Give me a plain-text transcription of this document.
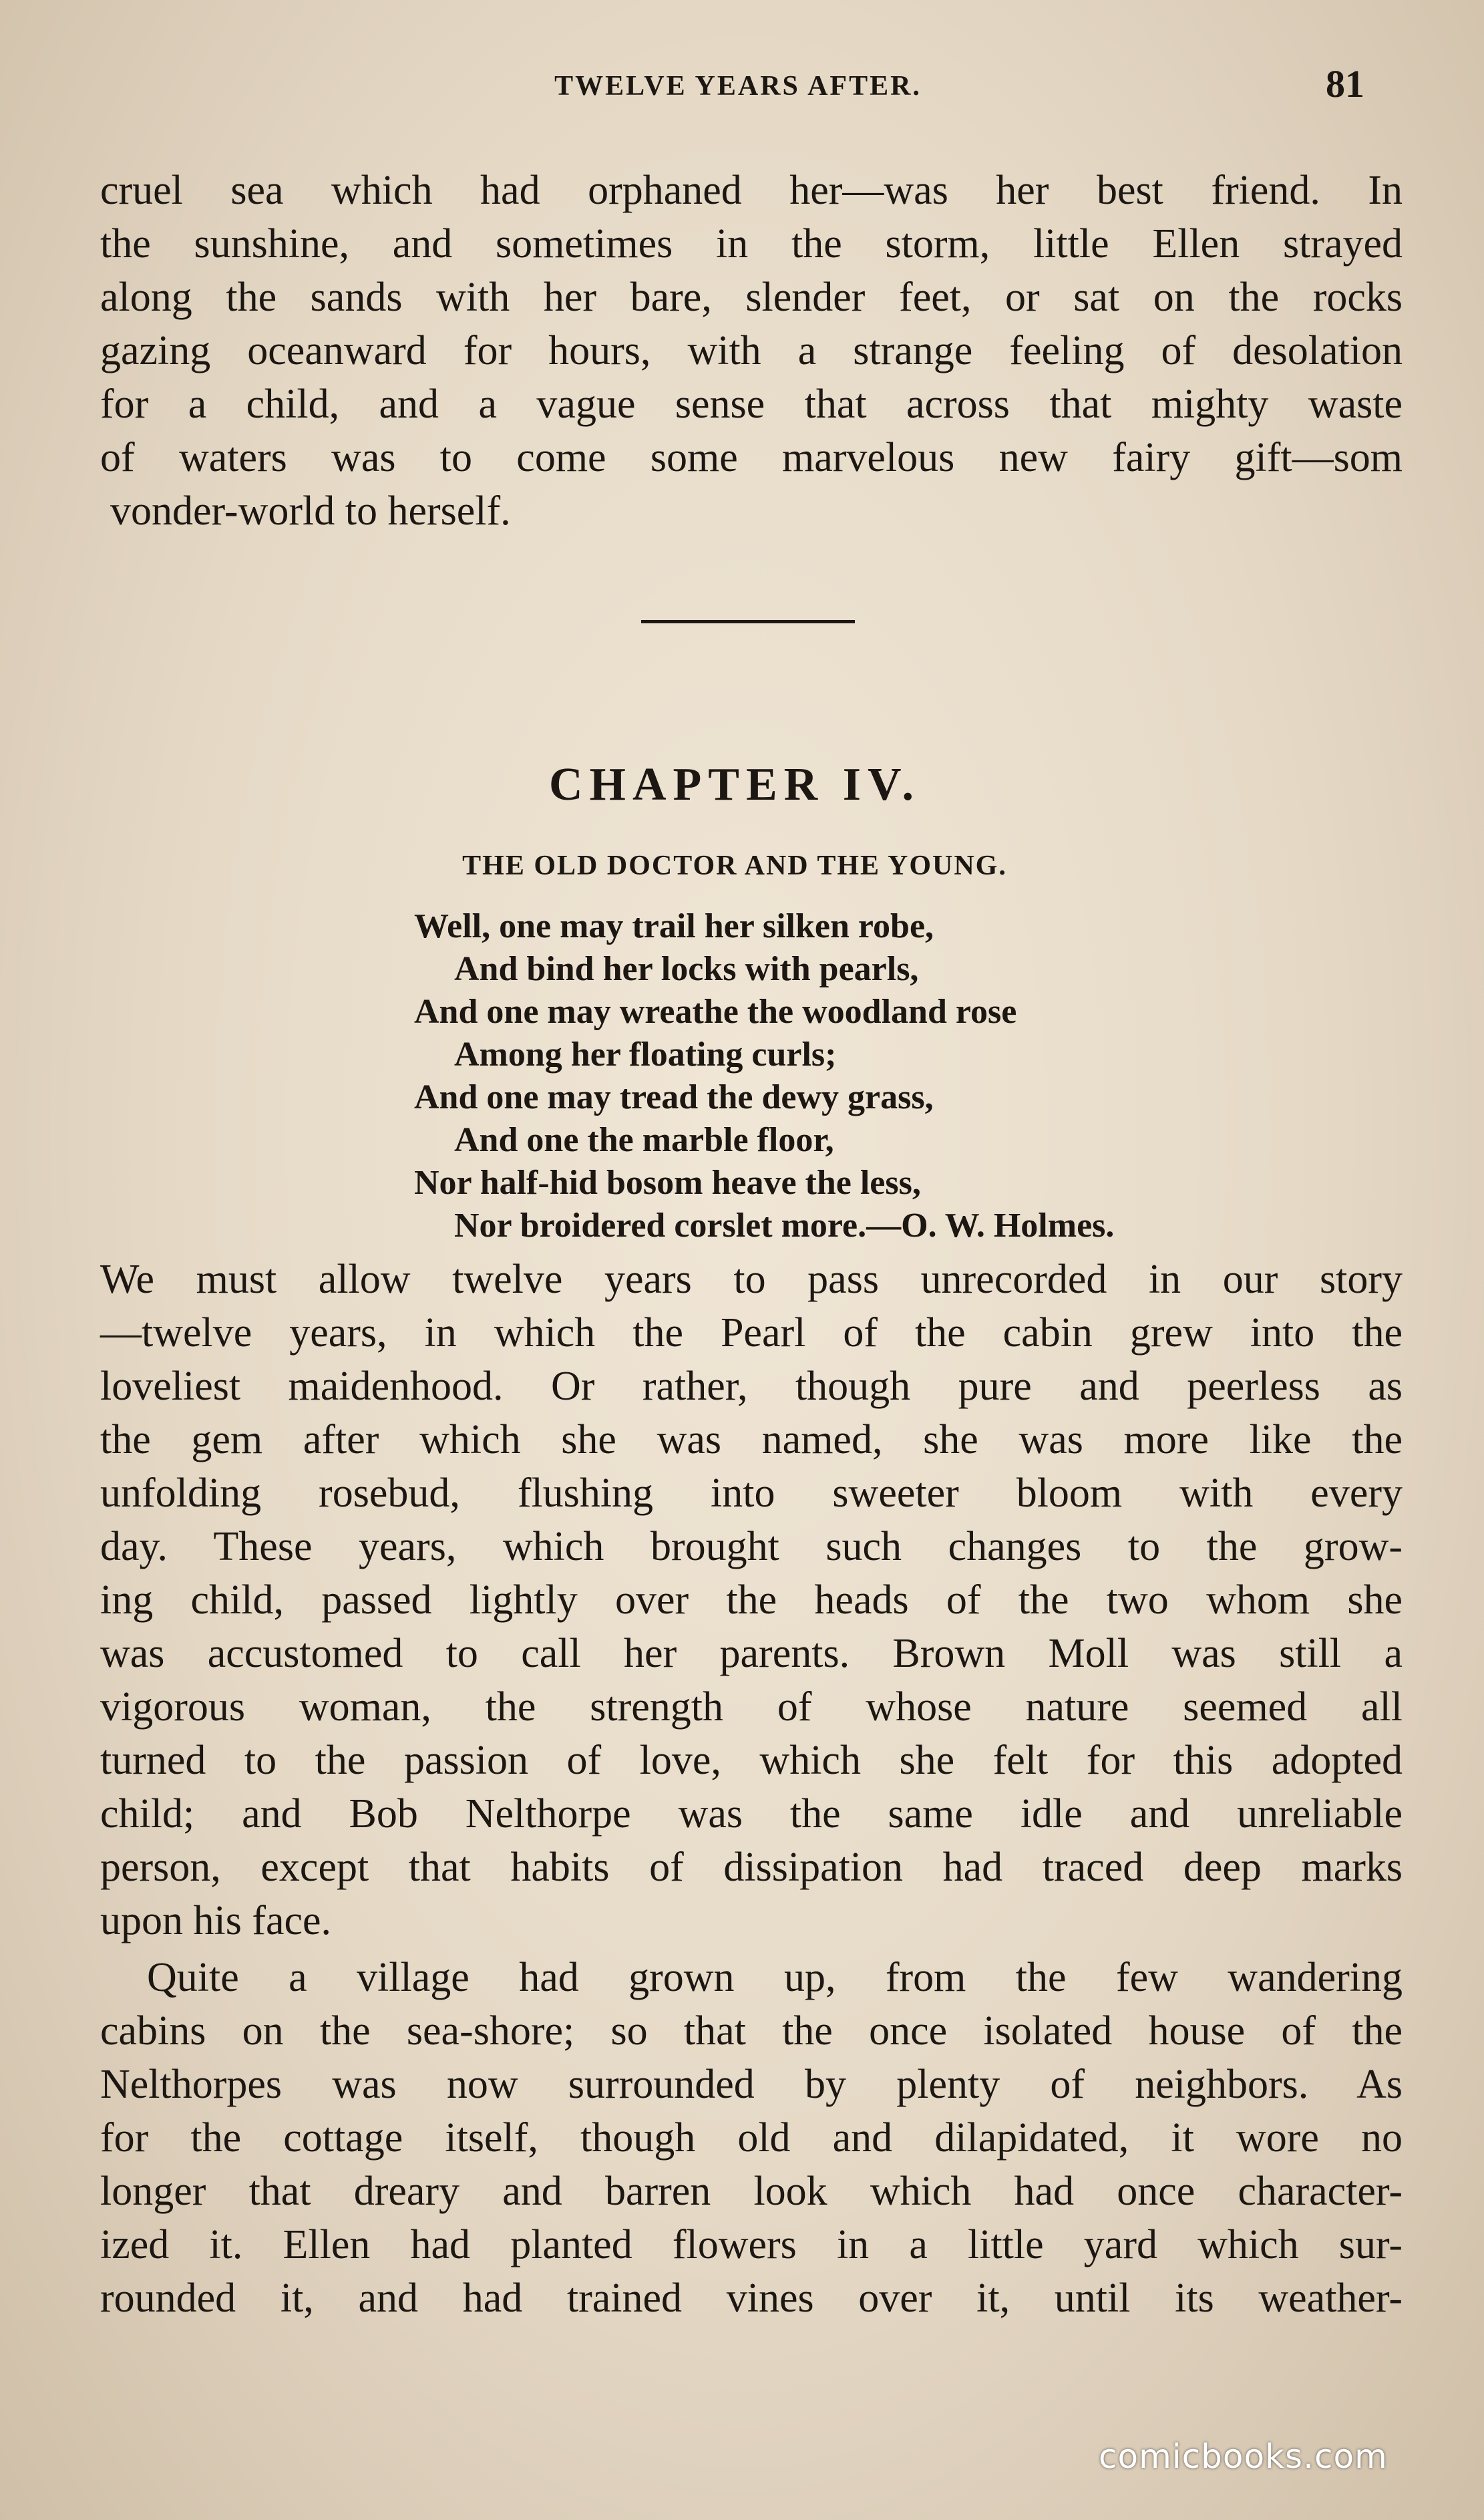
TWELVE YEARS AFTER.	81
cruel sea which had orphaned her—was her best friend. In
the sunshine, and sometimes in the storm, little Ellen strayed
along the sands with her bare, slender feet, or sat on the rocks
gazing oceanward for hours, with a strange feeling of desolation
for a child, and a vague sense that across that mighty waste
of waters was to come some marvelous new fairy gift—som
vonder-world to herself.
CHAPTER IV.
THE OLD DOCTOR AND THE YOUNG.
Well, one may trail her silken robe,
And bind her locks with pearls,
And one may wreathe the woodland rose
Among her floating curls;
And one may tread the dewy grass,
And one the marble floor,
Nor half-hid bosom heave the less,
Nor broidered corslet more.—O. W. Holmes.
We must allow twelve years to pass unrecorded in our story
—twelve years, in which the Pearl of the cabin grew into the
loveliest maidenhood. Or rather, though pure and peerless as
the gem after which she was named, she was more like the
unfolding rosebud, flushing into sweeter bloom with every
day. These years, which brought such changes to the grow-
ing child, passed lightly over the heads of the two whom she
was accustomed to call her parents. Brown Moll was still a
vigorous woman, the strength of whose nature seemed all
turned to the passion of love, which she felt for this adopted
child; and Bob Nelthorpe was the same idle and unreliable
person, except that habits of dissipation had traced deep marks
upon his face.
Quite a village had grown up, from the few wandering
cabins on the sea-shore; so that the once isolated house of the
Nelthorpes was now surrounded by plenty of neighbors. As
for the cottage itself, though old and dilapidated, it wore no
longer that dreary and barren look which had once character-
ized it. Ellen had planted flowers in a little yard which sur-
rounded it, and had trained vines over it, until its weather-
comicbooks.com
